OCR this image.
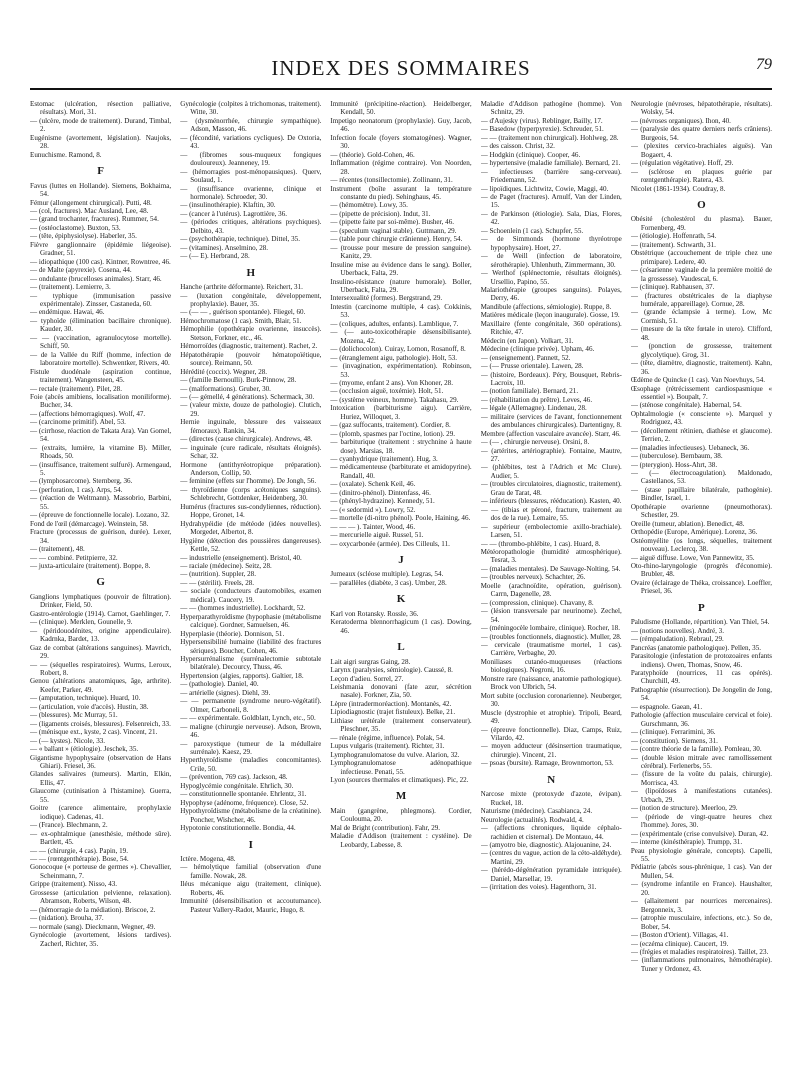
INDEX DES SOMMAIRES	79
Estomac (ulcération, résection palliative, résultats). Mori, 31.
— (ulcère, mode de traitement). Durand, Timbal, 2.
Eugénisme (avortement, législation). Naujoks, 28.
Eunuchisme. Ramond, 8.
F
Favus (luttes en Hollande). Siemens, Bokhaima, 54.
Fémur (allongement chirurgical). Putti, 48.
— (col, fractures). Mac Ausland, Lee, 48.
— (grand trochanter, fractures). Rummer, 54.
— (ostéoclastome). Buxton, 53.
— (tête, épiphysiolyse). Haberler, 35.
Fièvre ganglionnaire (épidémie liégeoise). Gradner, 51.
— idiopathique (100 cas). Kintner, Rowntree, 46.
— de Malte (apyrexie). Cosena, 44.
— ondulante (brucelloses animales). Starr, 46.
— (traitement). Lemierre, 3.
— typhique (immunisation passive expérimentale). Zinsser, Castaneda, 60.
— endémique. Hawai, 46.
— typhoïde (élimination bacillaire chronique). Kauder, 30.
— — (vaccination, agranulocytose mortelle). Schiff, 50.
— de la Vallée du Riff (homme, infection de laboratoire mortelle). Schwentker, Rivers, 40.
Fistule duodénale (aspiration continue, traitement). Wangensteen, 45.
— rectale (traitement). Pilet, 28.
Foie (abcès amibiens, localisation moniliforme). Bucher, 34.
— (affections hémorragiques). Wolf, 47.
— (carcinome primitif). Abel, 53.
— (cirrhose, réaction de Takata Ara). Van Gomel, 54.
— (extraits, lumière, la vitamine B). Miller, Rhoads, 50.
— (insuffisance, traitement sulfuré). Armengaud, 5.
— (lymphosarcome). Sternberg, 36.
— (perforation, 1 cas). Arps, 54.
— (réaction de Weltmann). Massobrio, Barbini, 55.
— (épreuve de fonctionnelle locale). Lozano, 32.
Fond de l'œil (démarcage). Weinstein, 58.
Fracture (processus de guérison, durée). Lexer, 34.
— (traitement), 48.
— — combiné. Petitpierre, 32.
— juxta-articulaire (traitement). Boppe, 8.
G
Ganglions lymphatiques (pouvoir de filtration). Drinker, Field, 50.
Gastro-entérologie (1914). Carnot, Gaehlinger, 7.
— (clinique). Merklen, Gounelle, 9.
— (péridouodénites, origine appendiculaire). Kadrnka, Bardet, 13.
Gaz de combat (altérations sanguines). Mavrich, 29.
— — (séquelles respiratoires). Wurms, Leroux, Robert, 8.
Genou (altérations anatomiques, âge, arthrite). Keefer, Parker, 49.
— (amputation, technique). Huard, 10.
— (articulation, voie d'accès). Hustin, 38.
— (blessures). Mc Murray, 51.
— (ligaments croisés, blessures). Felsenreich, 33.
— (ménisque ext., kyste, 2 cas). Vincent, 21.
— (— kystes). Nicole, 33.
— « ballant » (étiologie). Jeschek, 35.
Gigantisme hypophysaire (observation de Hans Ghiari). Friesel, 36.
Glandes salivaires (tumeurs). Martin, Elkin, Ellis, 47.
Glaucome (cutinisation à l'histamine). Guerra, 55.
Goitre (carence alimentaire, prophylaxie iodique). Cadenas, 41.
— (France). Blechmann, 2.
— ex-ophtalmique (anesthésie, méthode sûre). Bartlett, 45.
— — (chirurgie, 4 cas). Papin, 19.
— — (rœntgenthérapie). Bose, 54.
Gonocoque (« porteuse de germes »). Chevallier, Scheinmann, 7.
Grippe (traitement). Nisso, 43.
Grossesse (articulation pelvienne, relaxation). Abramson, Roberts, Wilson, 48.
— (hémorragie de la médiation). Briscoe, 2.
— (nidation). Brouha, 37.
— normale (sang). Dieckmann, Wegner, 49.
Gynécologie (avortement, lésions tardives). Zacherl, Richter, 35.
Gynécologie (colpites à trichomonas, traitement). Witte, 30.
— (dysménorrhée, chirurgie sympathique). Adson, Masson, 46.
— (fécondité, variations cycliques). De Oxtoria, 43.
— (fibromes sous-muqueux fongiques douloureux). Jeanneney, 19.
— (hémorragies post-ménopausiques). Querv, Soulaud, 1.
— (insuffisance ovarienne, clinique et hormonale). Schroeder, 30.
— (insulinothérapie). Klaftin, 30.
— (cancer à l'utérus). Lagrottière, 36.
— (périodes critiques, altérations psychiques). Delbito, 43.
— (psychothérapie, technique). Dittel, 35.
— (vitamines). Anselmino, 28.
— (— E). Herbrand, 28.
H
Hanche (arthrite déformante). Reichert, 31.
— (luxation congénitale, développement, prophylaxie). Bauer, 35.
— (— — , guérison spontanée). Fliegel, 60.
Hémochromatose (1 cas). Smith, Blair, 51.
Hémophilie (opothérapie ovarienne, insuccès). Stetson, Forkner, etc., 46.
Hémorroïdes (diagnostic, traitement). Rachet, 2.
Hépatothérapie (pouvoir hématopoïétique, source). Reimann, 50.
Hérédité (coccix). Wegner, 28.
— (famille Bernoulli). Burk-Pinnow, 28.
— (malformations). Gruber, 30.
— (— gémellé, 4 générations). Schermack, 30.
— (valeur mixte, douze de pathologie). Clutich, 29.
Hernie inguinale, blessure des vaisseaux fémoraux). Rankin, 34.
— (directes (cause chirurgicale). Andrews, 48.
— inguinale (cure radicale, résultats éloignés). Schar, 32.
Hormone (antithyréotropique préparation). Anderson, Collip, 50.
— feminine (effets sur l'homme). De Jongh, 56.
— thyroïdienne (corps acétoniques sanguins). Schlebrecht, Gottdenker, Heidenberg, 30.
Humérus (fractures sus-condyliennes, réduction). Hoppe, Gronet, 14.
Hydrahypéidie (de météode (idées nouvelles). Morgedet, Albertot, 8.
Hygiène (détection des poussières dangereuses). Kettle, 52.
— industrielle (enseignement). Bristol, 40.
— raciale (médecine). Seitz, 28.
— (nutrition). Suppler, 28.
— — (stérilit). Freels, 28.
— sociale (conducteurs d'automobiles, examen médical). Caucery, 19.
— — (hommes industrielle). Lockhardt, 52.
Hyperparathyroïdisme (hypophasie (métabolisme calcique). Gordner, Samuelsen, 46.
Hyperplasie (théorie). Donnison, 51.
Hypersensibilité humaine (liabilité des fractures sériques). Boucher, Cohen, 46.
Hypersurrénalisme (surrénalectomie subtotale bilatérale). Decourcy, Thuss, 46.
Hypertension (algies, rapports). Galtier, 18.
— (pathologie). Daniel, 40.
— artérielle (signes). Diehl, 39.
— — permanente (syndrome neuro-végétatif). Olmer, Carboneli, 8.
— — expérimentale. Goldblatt, Lynch, etc., 50.
— maligne (chirurgie nerveuse). Adson, Brown, 46.
— paroxystique (tumeur de la médullaire surrénale). Kaesz, 29.
Hyperthyroïdisme (maladies concomitantes). Crile, 50.
— (prévention, 769 cas). Jackson, 48.
Hypoglycémie congénitale. Ehrlich, 30.
— constitutionnelle spontanée. Ehrlentz, 31.
Hypophyse (adénome, fréquence). Close, 52.
Hypothyroïdisme (métabolisme de la créatinine). Poncher, Wishcher, 46.
Hypotonie constitutionnelle. Bondia, 44.
I
Ictère. Mogena, 48.
— hémolytique familial (observation d'une famille. Nowak, 28.
Iléus mécanique aigu (traitement, clinique). Roberts, 46.
Immunité (désensibilisation et accoutumance). Pasteur Vallery-Radot, Mauric, Hugo, 8.
Immunité (précipitine-réaction). Heidelberger, Kendall, 50.
Impetigo neonatorum (prophylaxie). Guy, Jacob, 46.
Infection focale (foyers stomatogènes). Wagner, 30.
— (théorie). Gold-Cohen, 46.
Inflammation (régime contraire). Von Noorden, 28.
— récentes (tonsillectomie). Zollinann, 31.
Instrument (boîte assurant la température constante du pied). Sehinghaus, 45.
— (hémomètre). Lowy, 35.
— (pipette de précision). Indut, 31.
— (pipette faite par soi-même). Busher, 46.
— (speculum vaginal stable). Guttmann, 29.
— (table pour chirurgie crânienne). Henry, 54.
— (trousse pour mesure de pression sanguine). Kanitz, 29.
Insuline mise au évidence dans le sang). Boller, Uberback, Falta, 29.
Insulino-résistance (nature humorale). Boller, Uberback, Falta, 29.
Intersexualité (formes). Bergstrand, 29.
Intestin (carcinome multiple, 4 cas). Cokkinis, 53.
— (coliques, adultes, enfants). Lamblique, 7.
— (— auto-toxicothérapie désensibilisante). Mozena, 42.
— (dolichocolon). Cuiray, Lomon, Rosanoff, 8.
— (étranglement aigu, pathologie). Holt, 53.
— (invagination, expérimentation). Robinson, 53.
— (myome, enfant 2 ans). Von Khoner, 28.
— (occlusion aiguë, toxémie). Holt, 51.
— (système veineux, homme). Takahasu, 29.
Intoxication (barbiturisme aigu). Carrière, Huriez, Willoquet, 3.
— (gaz suffocants, traitement). Cordier, 8.
— (plomb, spasmes par l'octine, lotion). 29.
— barbiturique (traitement : strychnine à haute dose). Marsias, 18.
— cyanhydrique (traitement). Hug, 3.
— médicamenteuse (barbiturate et amidopyrine). Randall, 40.
— (oxalate). Schenk Keil, 46.
— (dinitro-phénol). Dintenfass, 46.
— (phényl-hydrazine). Kennedy, 51.
— (« sedormid »). Lowry, 52.
— mortelle (di-nitro phénol). Poole, Haining, 46.
— — — ). Tainter, Wood, 46.
— mercurielle aiguë. Russel, 51.
— oxycarbonée (armée). Des Cilleuls, 11.
J
Jumeaux (scléose multiple). Legras, 54.
— parallèles (diabète, 3 cas). Umber, 28.
K
Karl von Rotansky. Rossle, 36.
Keratoderma blennorrhagicum (1 cas). Dowing, 46.
L
Lait aigri surgras Gaing, 28.
Larynx (paralysies, sémiologie). Caussé, 8.
Leçon d'adieu. Sorrel, 27.
Leishmania donovani (fate azur, sécrétion nasale). Forkner, Zia, 50.
Lèpre (intradermoréaction). Montanès, 42.
Lipiodiagnostic (trajet fistuleux). Belke, 21.
Lithiase urétérale (traitement conservateur). Pleschner, 35.
— rénale (régime, influence). Polak, 54.
Lupus vulgaris (traitement). Richter, 31.
Lymphogranulomatose du vulve. Alarion, 32.
Lymphogranulomatose adénopathique infectieuse. Penati, 55.
Lyon (sources thermales et climatiques). Pic, 22.
M
Main (gangrène, phlegmons). Cordier, Coulouma, 20.
Mal de Bright (contribution). Fahr, 29.
Maladie d'Addison (traitement : cystéine). De Leobardy, Labesse, 8.
Maladie d'Addison pathogène (homme). Von Schnitz, 29.
— d'Aujesky (virus). Reblinger, Bailly, 17.
— Basedow (hyperpyrexie). Schreuder, 51.
— — (traitement non chirurgical). Hohlweg, 28.
— des caisson. Christ, 32.
— Hodgkin (clinique). Cooper, 46.
— hypertensive (maladie familiale). Bernard, 21.
— infectieuses (barrière sang-cerveau). Friedemann, 52.
— lipoïdiques. Lichtwitz, Cowie, Maggi, 40.
— de Paget (fractures). Arnulf, Van der Linden, 15.
— de Parkinson (étiologie). Sala, Dias, Flores, 42.
— Schoenlein (1 cas). Schupfer, 55.
— de Simmonds (hormone thyréotrope hypophysaire). Hoet, 27.
— de Weill (infection de laboratoire, sérothérapie). Uhlenhuth, Zimmermann, 30.
— Werlhof (splénectomie, résultats éloignés). Ursellio, Papino, 55.
Malariothérapie (groupes sanguins). Polayes, Derry, 46.
Mandibule (affections, sémiologie). Ruppe, 8.
Matières médicale (leçon inaugurale). Gosse, 19.
Maxillaire (fente congénitale, 360 opérations). Ritchie, 47.
Médecin (en Japon). Volkart, 31.
Médecine (clinique privée). Upham, 46.
— (enseignement). Pannett, 52.
— (— Prusse orientale). Lawen, 28.
— (histoire, Bordeaux). Péry, Bousquet, Rebris-Lacroix, 10.
— (notion familiale). Bernard, 21.
— (réhabilitation du prêtre). Leves, 46.
— légale (Allemagne). Lindenau, 28.
— militaire (services de l'avant, fonctionnement des ambulances chirurgicales). Dartentigny, 8.
Membre (affection vasculaire avancée). Starr, 46.
— (— , chirurgie nerveuse). Orsini, 8.
— (artérites, artériographie). Fontaine, Mautre, 27.
— (phlébites, test à l'Adrich et Mc Clure). Audier, 5.
— (troubles circulatoires, diagnostic, traitement). Grau de Tarat, 48.
— inférieurs (blessures, rééducation). Kasten, 40.
— — (tibias et péroné, fracture, traitement au dos de la rue). Lemaire, 55.
— supérieur (embolectomie axillo-brachiale). Larsen, 51.
— — (thrombo-phlébite, 1 cas). Huard, 8.
Météoropathologie (humidité atmosphérique). Tesrat, 3.
— (maladies mentales). De Sauvage-Nolting, 54.
— (troubles nerveux). Schachter, 26.
Moelle (arachnoïdite, opération, guérison). Carrn, Dagenelle, 28.
— (compression, clinique). Chavany, 8.
— (lésion transversale par neurinome). Zechel, 54.
— (méningocèle lombaire, clinique). Rocher, 18.
— (troubles fonctionnels, diagnostic). Muller, 28.
— cervicale (traumatisme mortel, 1 cas). Carrière, Verbaghe, 20.
Moniliases cutanéo-muqueuses (réactions biologiques). Negroni, 16.
Monstre rare (naissance, anatomie pathologique). Brock von Ulbrich, 54.
Mort subite (occlusion coronarienne). Neuberger, 30.
Muscle (dystrophie et atrophie). Tripoli, Beard, 49.
— (épreuve fonctionnelle). Diaz, Camps, Ruiz, Vilardo, 42.
— moyen adducteur (désinsertion traumatique, chirurgie). Vincent, 21.
— psoas (bursite). Ramage, Brownmorton, 53.
N
Narcose mixte (protoxyde d'azote, évipan). Ruckel, 18.
Naturisme (médecine). Casabianca, 24.
Neurologie (actualités). Rodwald, 4.
— (affections chroniques, liquide céphalo-rachidien et cisternal). De Montauo, 44.
— (amyotro bie, diagnostic). Alajouanine, 24.
— (centres du vague, action de la céto-aldéhyde). Martini, 29.
— (hérédo-dégénération pyramidale intriquée). Daniel, Marsellar, 19.
— (irritation des voies). Hagenthorn, 31.
Neurologie (névroses, hépatothérapie, résultats). Wolsky, 54.
— (névroses organiques). Ihon, 40.
— (paralysie des quatre derniers nerfs crâniens). Burgeois, 54.
— (plexites cervico-brachiales aiguës). Van Bogaert, 4.
— (régulation végétative). Hoff, 29.
— (sclérose en plaques guérie par rœntgenthérapie). Ratera, 43.
Nicolet (1861-1934). Coudray, 8.
O
Obésité (cholestérol du plasma). Bauer, Fornenberg, 49.
— (étiologie). Hoffenrath, 54.
— (traitement). Schwarth, 31.
Obstétrique (accouchement de triple chez une primipare). Ledere, 40.
— (césarienne vaginale de la première moitié de la grossesse). Vaudescal, 6.
— (clinique). Rabhausen, 37.
— (fractures obstétricales de la diaphyse humérale, appareillage). Cornue, 28.
— (grande éclampsie à terme). Low, Mc Cormish, 51.
— (mesure de la tête fœtale in utero). Clifford, 48.
— (ponction de grossesse, traitement glycolytique). Grog, 31.
— (tête, diamètre, diagnostic, traitement). Kahn, 36.
Œdème de Quincke (1 cas). Van Noevhuys, 54.
Œsophage (rétrécissement cardiospasmique « essentiel »). Boupalt, 7.
— (sténose congénitale). Habernal, 54.
Ophtalmologie (« consciente »). Marquel y Rodriguez, 43.
— (décollement rétinien, diathèse et glaucome). Terrien, 2.
— (maladies infectieuses). Uebaneck, 36.
— (tuberculose). Bernbaum, 38.
— (pterygion). Hoss-Ahrt, 38.
— (— électrocoagulation). Maldonado, Castellanos, 53.
— (stase papillaire bilatérale, pathogénie). Bindler, Israel, 1.
Opothérapie ovarienne (pneumothorax). Schestler, 29.
Oreille (tumeur, ablation). Benedict, 48.
Orthopédie (Europe, Amérique). Lorenz, 36.
Ostéomyélite (os longs, séquelles, traitement nouveau). Leclercq, 38.
— aiguë diffuse. Lowe, Von Pannewitz, 35.
Oto-rhino-laryngologie (progrès d'économie). Brubler, 48.
Ovaire (éclairage de Théka, croissance). Loeffler, Priesel, 36.
P
Paludisme (Hollande, répartition). Van Thiel, 54.
— (notions nouvelles). André, 3.
— (rémpaludation). Rebraul, 29.
Pancréas (anatomie pathologique). Pellen, 35.
Parasitologie (infestation de protozoaires enfants indiens). Owen, Thomas, Snow, 46.
Paratyphoïde (nourrices, 11 cas opérés). Churchill, 49.
Pathographie (résurrection). De Jongelin de Jong, 54.
— espagnole. Gaean, 41.
Pathologie (affection musculaire cervical et foie). Gurschmann, 36.
— (clinique). Ferrarimini, 36.
— (constitution). Siemens, 31.
— (contre théorie de la famille). Pomleau, 30.
— (double lésion mitrale avec ramollissement cérébral). Ferlenerbs, 55.
— (fissure de la voûte du palais, chirurgie). Morrisca, 43.
— (lipoïdoses à manifestations cutanées). Urbach, 29.
— (notion de structure). Meerloo, 29.
— (période de vingt-quatre heures chez l'homme). Jores, 30.
— (expérimentale (crise convulsive). Duran, 42.
— interne (kinésthérapie). Trumpp, 31.
Peau physiologie générale, concepts). Capelli, 55.
Pédiatrie (abcès sous-phrénique, 1 cas). Van der Mullen, 54.
— (syndrome infantile en France). Haushalter, 20.
— (allaitement par nourrices mercenaires). Bergonneix, 3.
— (atrophie musculaire, infections, etc.). So de, Bober, 54.
— (Boston d'Orient). Villagas, 41.
— (eczéma clinique). Caucert, 19.
— (frégies et maladies respiratoires). Taillet, 23.
— (inflammations pulmonaires, hémothérapie). Tuner y Ordonez, 43.
